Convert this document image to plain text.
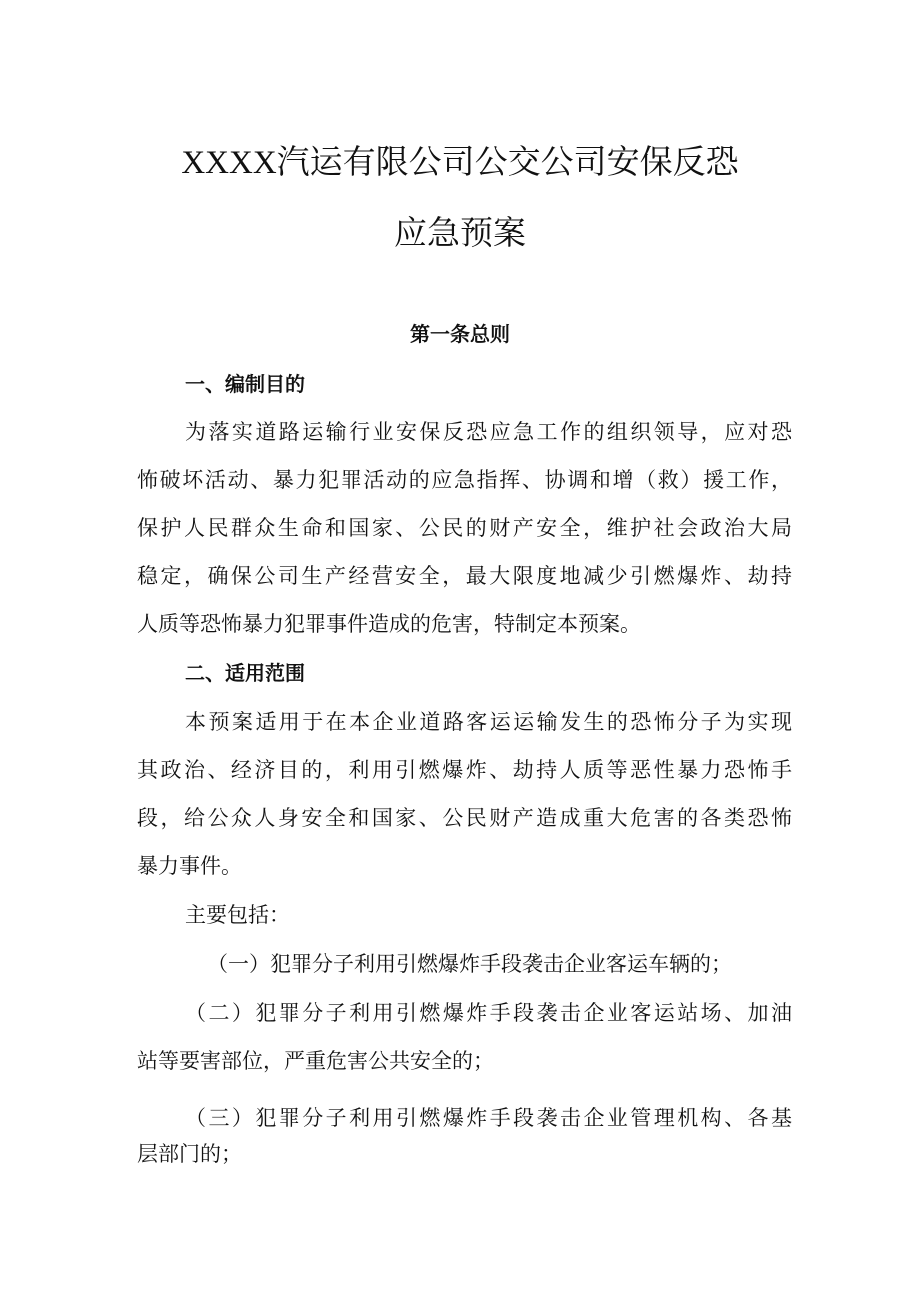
XXXX汽运有限公司公交公司安保反恐
应急预案
第一条总则
一、编制目的
为落实道路运输行业安保反恐应急工作的组织领导，应对恐
怖破坏活动、暴力犯罪活动的应急指挥、协调和增（救）援工作，
保护人民群众生命和国家、公民的财产安全，维护社会政治大局
稳定，确保公司生产经营安全，最大限度地减少引燃爆炸、劫持
人质等恐怖暴力犯罪事件造成的危害，特制定本预案。
二、适用范围
本预案适用于在本企业道路客运运输发生的恐怖分子为实现
其政治、经济目的，利用引燃爆炸、劫持人质等恶性暴力恐怖手
段，给公众人身安全和国家、公民财产造成重大危害的各类恐怖
暴力事件。
主要包括：
（一）犯罪分子利用引燃爆炸手段袭击企业客运车辆的；
（二）犯罪分子利用引燃爆炸手段袭击企业客运站场、加油
站等要害部位，严重危害公共安全的；
（三）犯罪分子利用引燃爆炸手段袭击企业管理机构、各基
层部门的；
